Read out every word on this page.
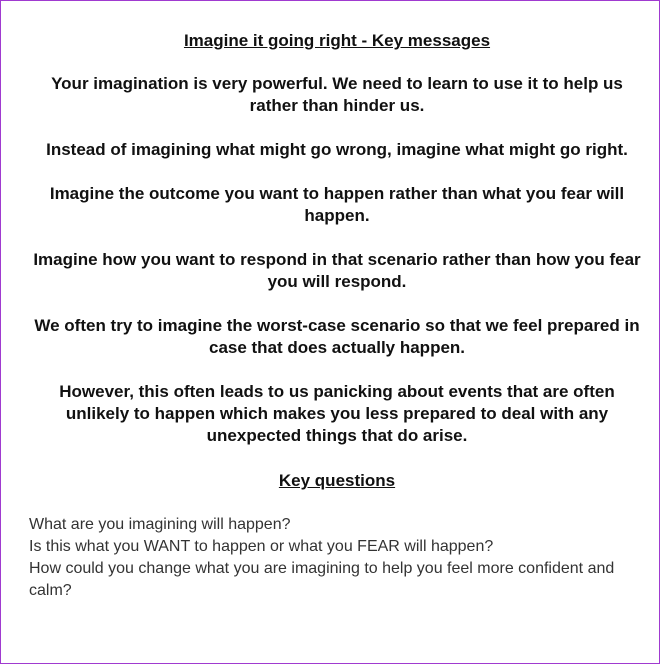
Imagine it going right - Key messages

Your imagination is very powerful. We need to learn to use it to help us rather than hinder us.

Instead of imagining what might go wrong, imagine what might go right.

Imagine the outcome you want to happen rather than what you fear will happen.

Imagine how you want to respond in that scenario rather than how you fear you will respond.

We often try to imagine the worst-case scenario so that we feel prepared in case that does actually happen.

However, this often leads to us panicking about events that are often unlikely to happen which makes you less prepared to deal with any unexpected things that do arise.

Key questions
What are you imagining will happen?
Is this what you WANT to happen or what you FEAR will happen?
How could you change what you are imagining to help you feel more confident and calm?
